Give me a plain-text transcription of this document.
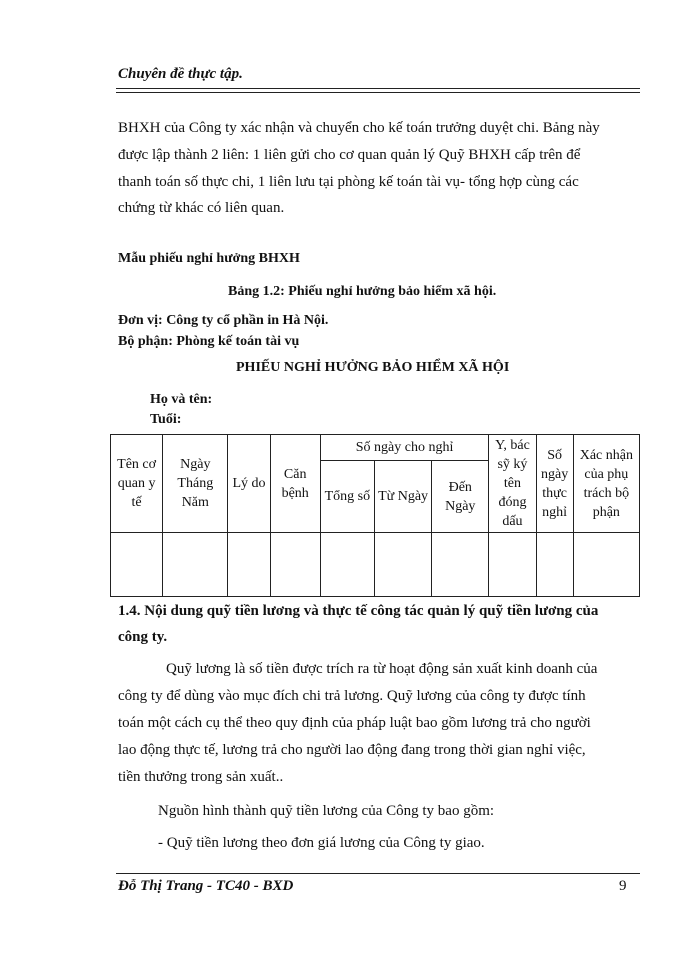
Chuyên đề thực tập.
BHXH của Công ty xác nhận và chuyển cho kế toán trưởng duyệt chi. Bảng này
được lập thành 2 liên: 1 liên gửi cho cơ quan quản lý Quỹ BHXH cấp trên để
thanh toán số thực chi, 1 liên lưu tại phòng kế toán tài vụ- tổng hợp cùng các
chứng từ khác có liên quan.
Mẫu phiếu nghỉ hưởng BHXH
Bảng 1.2: Phiếu nghỉ hưởng bảo hiểm xã hội.
Đơn vị: Công ty cổ phần in Hà Nội.
Bộ phận: Phòng kế toán tài vụ
PHIẾU NGHỈ HƯỞNG BẢO HIỂM XÃ HỘI
Họ và tên:
Tuổi:
Tên cơ quan y tế	Ngày Tháng Năm	Lý do	Căn bệnh	Số ngày cho nghỉ			Y, bác sỹ ký tên đóng dấu	Số ngày thực nghỉ	Xác nhận của phụ trách bộ phận
				Tổng số	Từ Ngày	Đến Ngày			

1.4. Nội dung quỹ tiền lương và thực tế công tác quản lý quỹ tiền lương của
công ty.
Quỹ lương là số tiền được trích ra từ hoạt động sản xuất kinh doanh của
công ty để dùng vào mục đích chi trả lương. Quỹ lương của công ty được tính
toán một cách cụ thể theo quy định của pháp luật bao gồm lương trả cho người
lao động thực tế, lương trả cho người lao động đang trong thời gian nghỉ việc,
tiền thưởng trong sản xuất..
Nguồn hình thành quỹ tiền lương của Công ty bao gồm:
- Quỹ tiền lương theo đơn giá lương của Công ty giao.
Đỗ Thị Trang - TC40 - BXD	9
